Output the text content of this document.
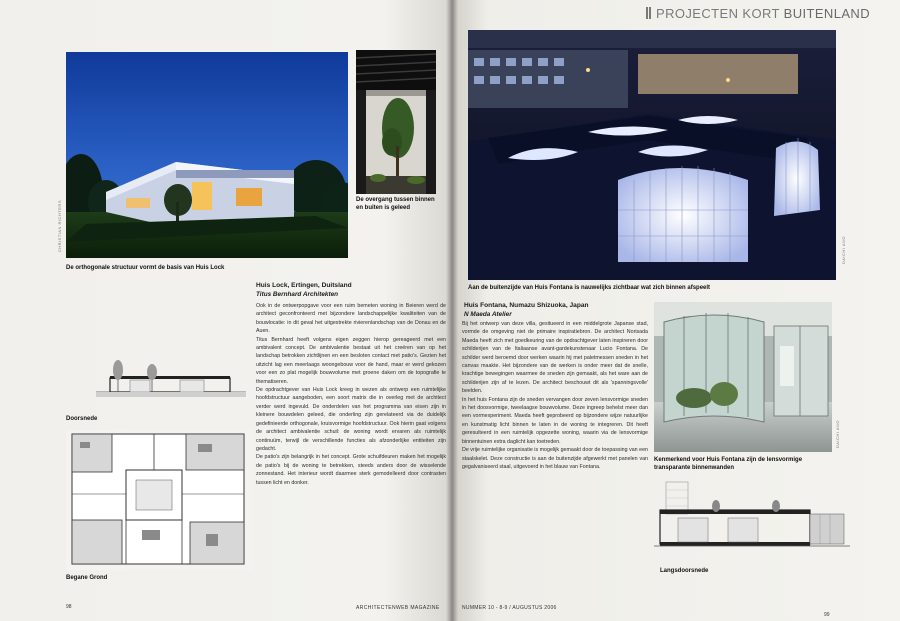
CHRISTIAN RICHTERS	De overgang tussen binnen en buiten is geleed
De orthogonale structuur vormt de basis van Huis Lock
Huis Lock, Ertingen, Duitsland
Titus Bernhard Architekten

Ook in de ontwerpopgave voor een ruim bemeten woning in Beieren werd de architect geconfronteerd met bijzondere landschappelijke kwaliteiten van de bouwlocatie: in dit geval het uitgestrekte rivierenlandschap van de Donau en de Auen.

Titus Bernhard heeft volgens eigen zeggen hierop gereageerd met een ambivalent concept. De ambivalentie bestaat uit het creëren van op het landschap betrokken zichtlijnen en een besloten contact met patio's. Gezien het uitzicht lag een meerlaags woongebouw voor de hand, maar er werd gekozen voor een zo plat mogelijk bouwvolume met groene daken om de topografie te thematiseren.

De opdrachtgever van Huis Lock kreeg in wezen als ontwerp een ruimtelijke hoofdstructuur aangeboden, een soort matrix die in overleg met de architect verder werd ingevuld. De onderdelen van het programma van eisen zijn in kleinere bouwdelen geleed, die onderling zijn gerelateerd via de duidelijk gedefinieerde orthogonale, kruisvormige hoofdstructuur. Ook hierin gaat volgens de architect ambivalentie schuil: de woning wordt ervaren als ruimtelijk continuüm, terwijl de verschillende functies als afzonderlijke entiteiten zijn gedacht.

De patio's zijn belangrijk in het concept. Grote schuifdeuren maken het mogelijk de patio's bij de woning te betrekken, steeds anders door de wisselende zonnestand. Het interieur wordt daarmee sterk gemodelleerd door contrasten tussen licht en donker.

Doorsnede
Begane Grond
98	ARCHITECTENWEB MAGAZINE
PROJECTEN KORT BUITENLAND
DAICHI ANO
Aan de buitenzijde van Huis Fontana is nauwelijks zichtbaar wat zich binnen afspeelt
Huis Fontana, Numazu Shizuoka, Japan
N Maeda Atelier

Bij het ontwerp van deze villa, gesitueerd in een middelgrote Japanse stad, vormde de omgeving niet de primaire inspiratiebron. De architect Norisada Maeda heeft zich met goedkeuring van de opdrachtgever laten inspireren door schilderijen van de Italiaanse avant-gardekunstenaar Lucio Fontana. De schilder werd beroemd door werken waarin hij met paletmessen sneden in het canvas maakte. Het bijzondere van de werken is onder meer dat de snelle, krachtige bewegingen waarmee de sneden zijn gemaakt, als het ware aan de schilderijen zijn af te lezen. De architect beschouwt dit als 'spanningsvolle' beelden.

In het huis Fontana zijn de sneden vervangen door zeven lensvormige sneden in het doosvormige, tweelaagse bouwvolume. Deze ingreep behelst meer dan een vormexperiment. Maeda heeft geprobeerd op bijzondere wijze natuurlijke en kunstmatig licht binnen te laten in de woning te integreren. Dit heeft geresulteerd in een ruimtelijk opgezette woning, waarin via de lensvormige binnentuinen extra daglicht kan toetreden.

De vrije ruimtelijke organisatie is mogelijk gemaakt door de toepassing van een staalskelet. Deze constructie is aan de buitenzijde afgewerkt met panelen van gegalvaniseerd staal, uitgevoerd in het blauw van Fontana.

DAICHI ANO
Kenmerkend voor Huis Fontana zijn de lensvormige transparante binnenwanden
Langsdoorsnede
NUMMER 10 - 8-9 / AUGUSTUS 2006
99
